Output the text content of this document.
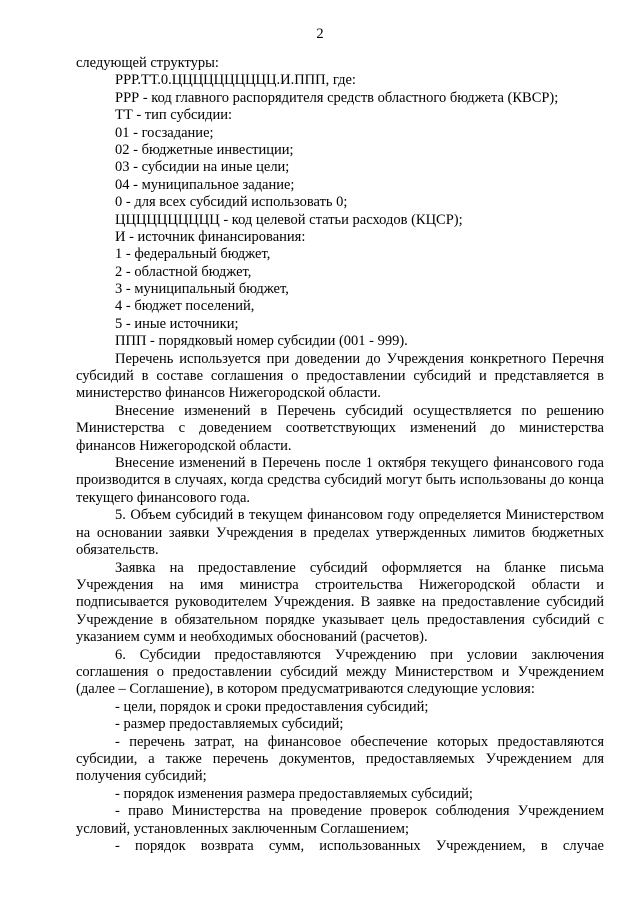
2
следующей структуры:
РРР.ТТ.0.ЦЦЦЦЦЦЦЦЦЦ.И.ППП, где:
РРР - код главного распорядителя средств областного бюджета (КВСР);
ТТ - тип субсидии:
01 - госзадание;
02 - бюджетные инвестиции;
03 - субсидии на иные цели;
04 - муниципальное задание;
0 - для всех субсидий использовать 0;
ЦЦЦЦЦЦЦЦЦЦ - код целевой статьи расходов (КЦСР);
И - источник финансирования:
1 - федеральный бюджет,
2 - областной бюджет,
3 - муниципальный бюджет,
4 - бюджет поселений,
5 - иные источники;
ППП - порядковый номер субсидии (001 - 999).
Перечень используется при доведении до Учреждения конкретного Перечня субсидий в составе соглашения о предоставлении субсидий и представляется в министерство финансов Нижегородской области.
Внесение изменений в Перечень субсидий осуществляется по решению Министерства с доведением соответствующих изменений до министерства финансов Нижегородской области.
Внесение изменений в Перечень после 1 октября текущего финансового года производится в случаях, когда средства субсидий могут быть использованы до конца текущего финансового года.
5. Объем субсидий в текущем финансовом году определяется Министерством на основании заявки Учреждения в пределах утвержденных лимитов бюджетных обязательств.
Заявка на предоставление субсидий оформляется на бланке письма Учреждения на имя министра строительства Нижегородской области и подписывается руководителем Учреждения. В заявке на предоставление субсидий Учреждение в обязательном порядке указывает цель предоставления субсидий с указанием сумм и необходимых обоснований (расчетов).
6. Субсидии предоставляются Учреждению при условии заключения соглашения о предоставлении субсидий между Министерством и Учреждением (далее – Соглашение), в котором предусматриваются следующие условия:
- цели, порядок и сроки предоставления субсидий;
- размер предоставляемых субсидий;
- перечень затрат, на финансовое обеспечение которых предоставляются субсидии, а также перечень документов, предоставляемых Учреждением для получения субсидий;
- порядок изменения размера предоставляемых субсидий;
- право Министерства на проведение проверок соблюдения Учреждением условий, установленных заключенным Соглашением;
- порядок возврата сумм, использованных Учреждением, в случае
